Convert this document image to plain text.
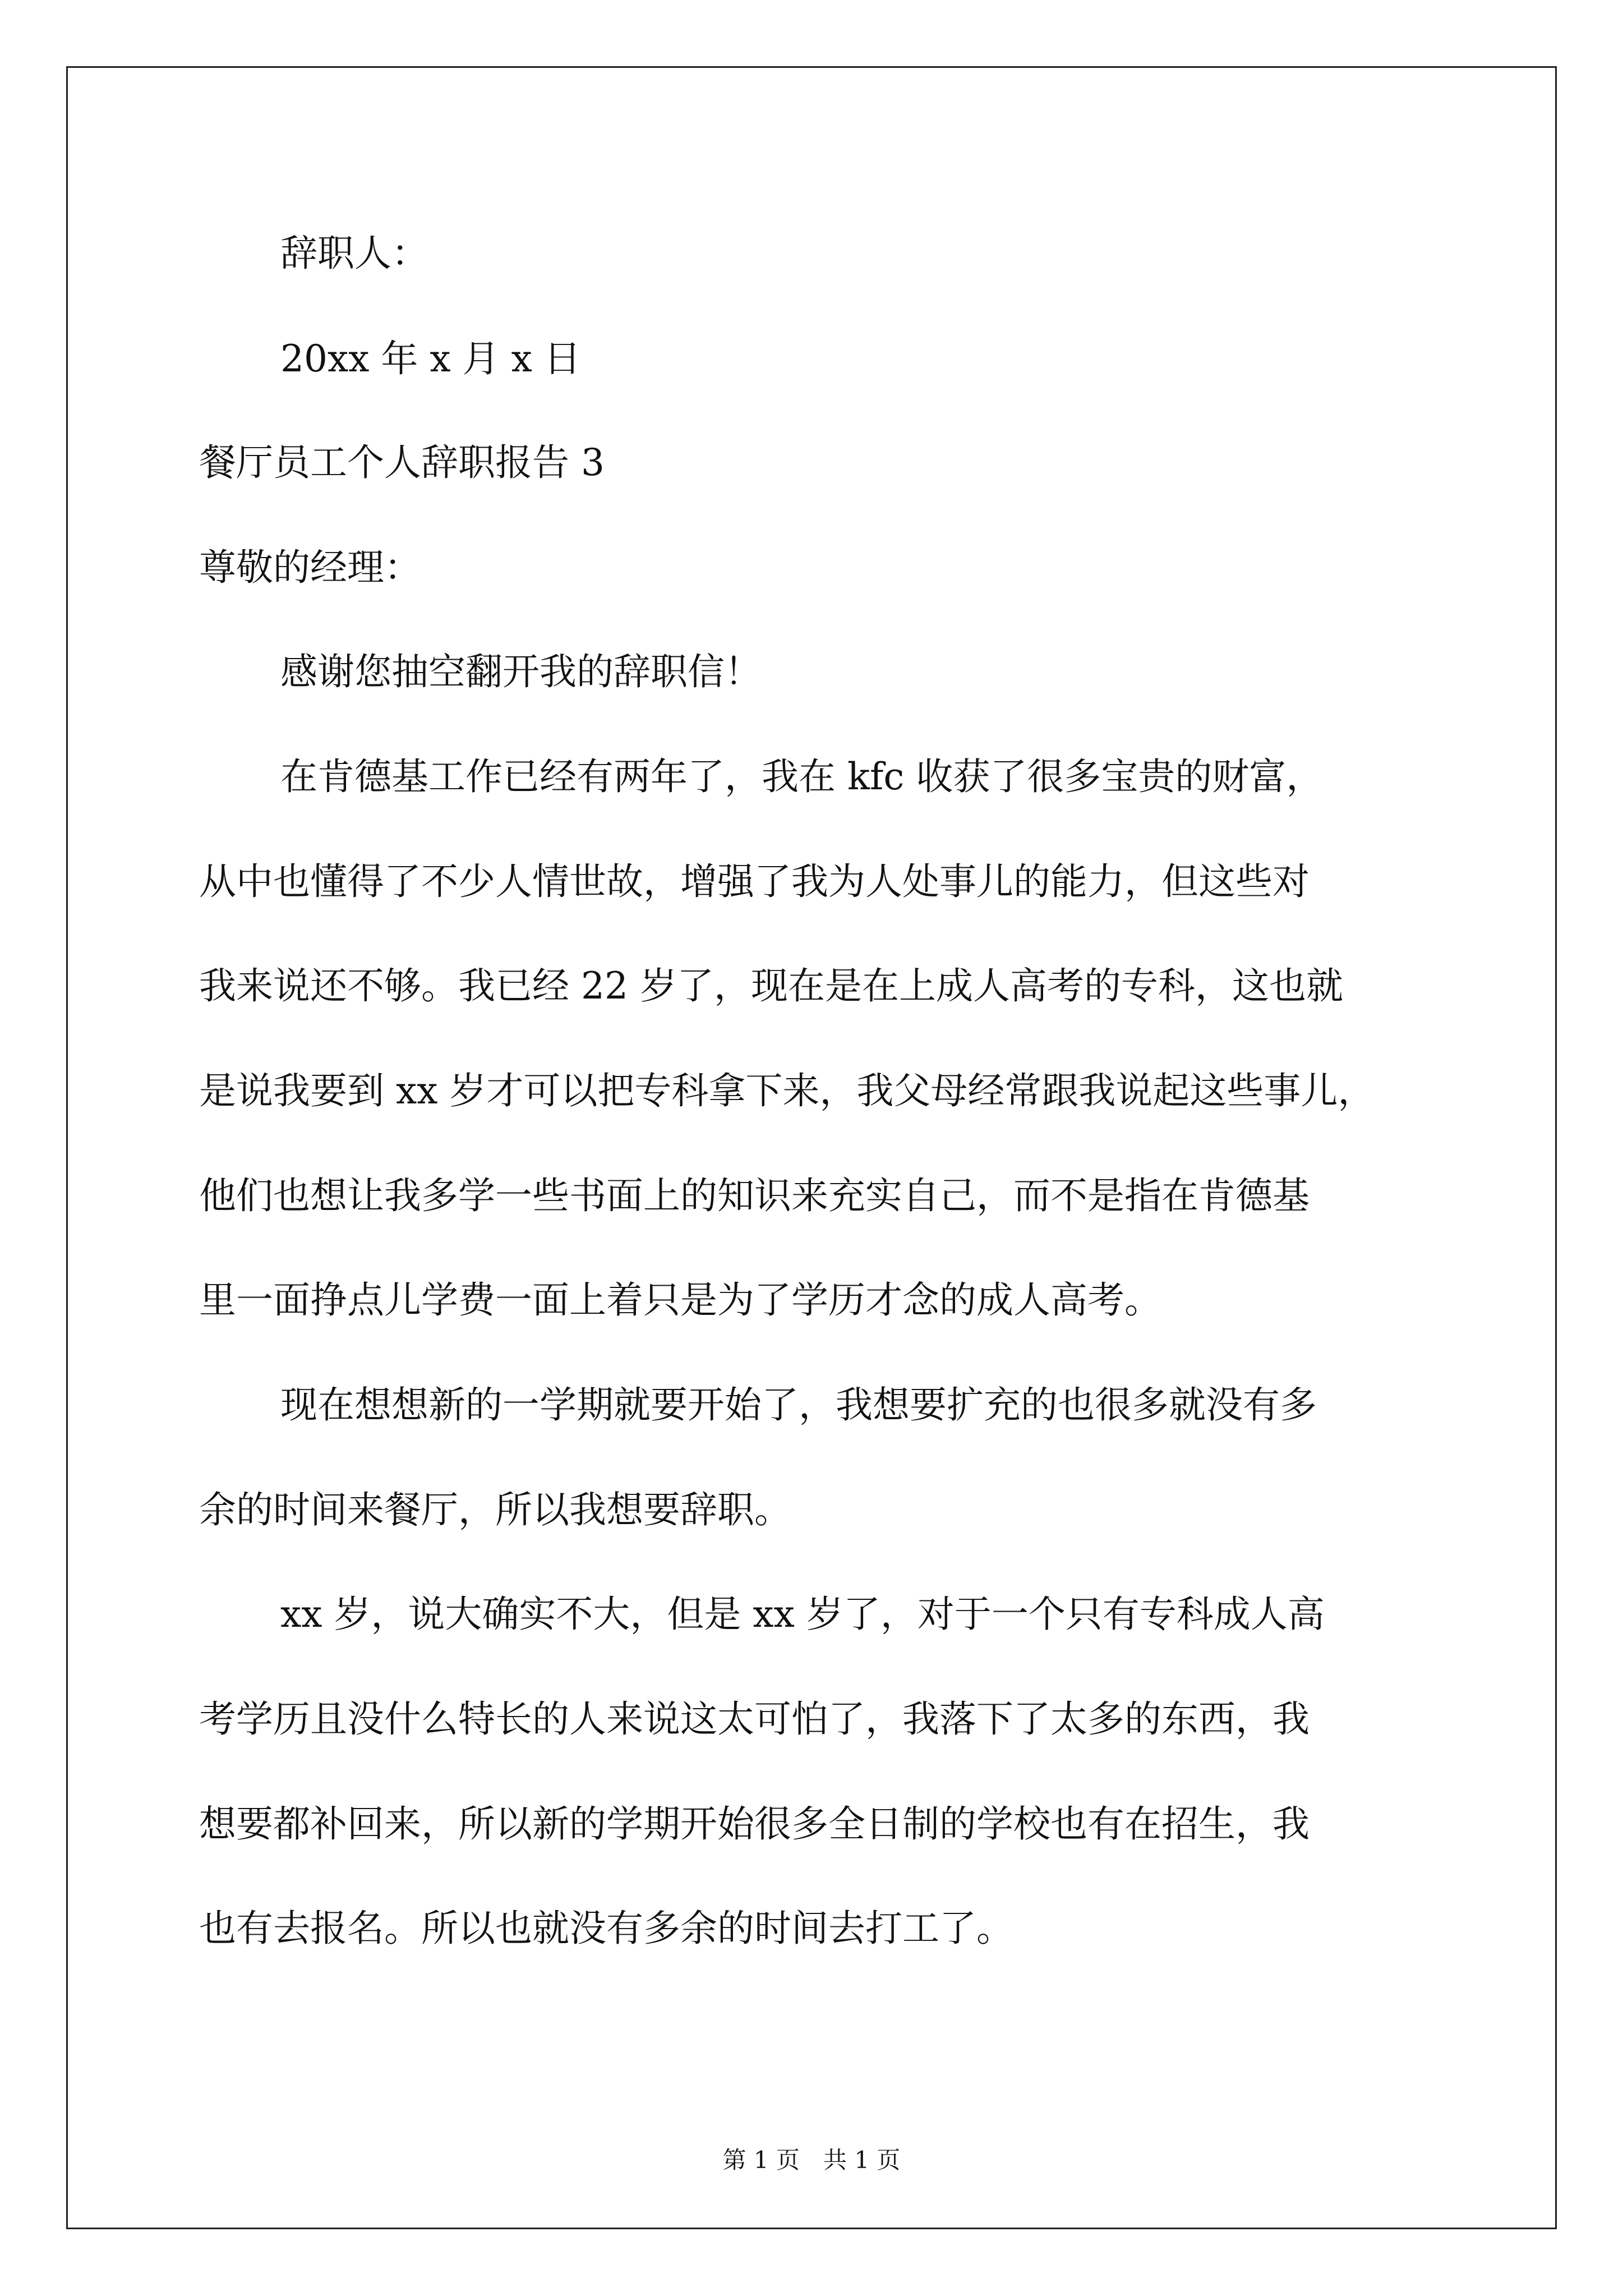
辞职人：
20xx 年 x 月 x 日
餐厅员工个人辞职报告 3
尊敬的经理：
感谢您抽空翻开我的辞职信！
在肯德基工作已经有两年了，我在 kfc 收获了很多宝贵的财富，
从中也懂得了不少人情世故，增强了我为人处事儿的能力，但这些对
我来说还不够。我已经 22 岁了，现在是在上成人高考的专科，这也就
是说我要到 xx 岁才可以把专科拿下来，我父母经常跟我说起这些事儿，
他们也想让我多学一些书面上的知识来充实自己，而不是指在肯德基
里一面挣点儿学费一面上着只是为了学历才念的成人高考。
现在想想新的一学期就要开始了，我想要扩充的也很多就没有多
余的时间来餐厅，所以我想要辞职。
xx 岁，说大确实不大，但是 xx 岁了，对于一个只有专科成人高
考学历且没什么特长的人来说这太可怕了，我落下了太多的东西，我
想要都补回来，所以新的学期开始很多全日制的学校也有在招生，我
也有去报名。所以也就没有多余的时间去打工了。
第 1 页　共 1 页
